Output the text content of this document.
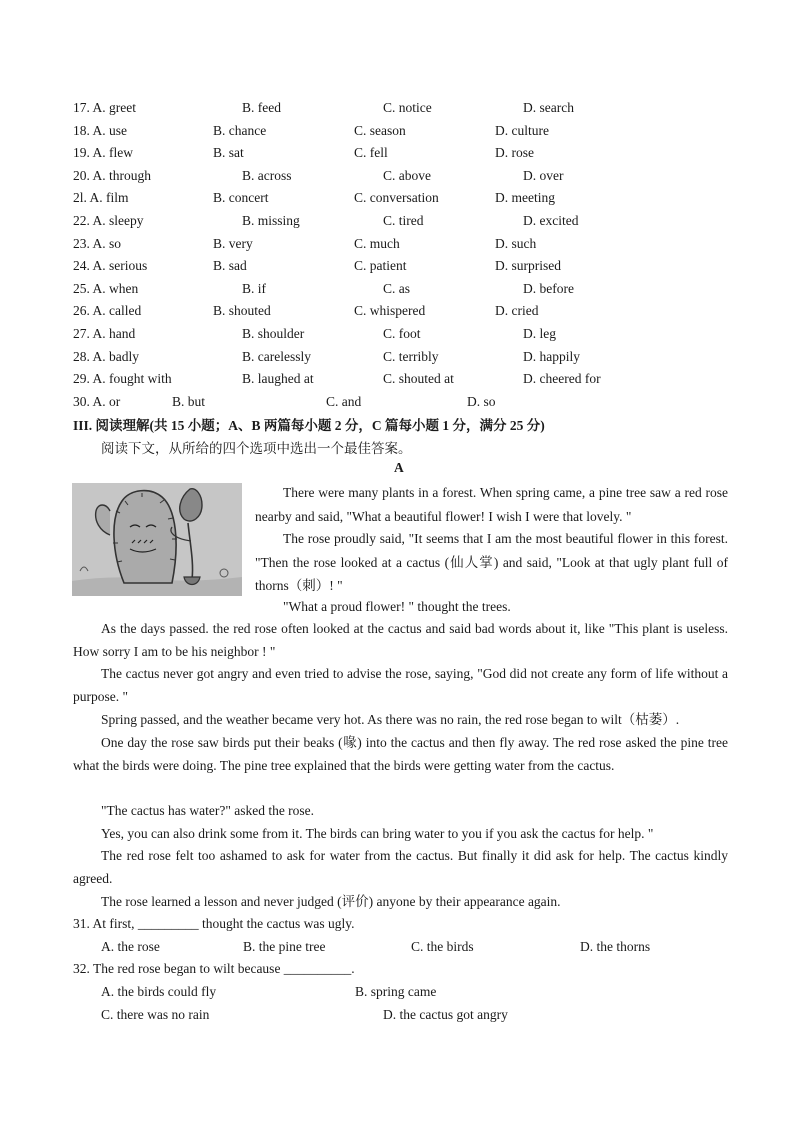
17. A. greet	B. feed	C. notice	D. search
18. A. use	B. chance	C. season	D. culture
19. A. flew	B. sat	C. fell	D. rose
20. A. through	B. across	C. above	D. over
2l. A. film	B. concert	C. conversation	D. meeting
22. A. sleepy	B. missing	C. tired	D. excited
23. A. so	B. very	C. much	D. such
24. A. serious	B. sad	C. patient	D. surprised
25. A. when	B. if	C. as	D. before
26. A. called	B. shouted	C. whispered	D. cried
27. A. hand	B. shoulder	C. foot	D. leg
28. A. badly	B. carelessly	C. terribly	D. happily
29. A. fought with	B. laughed at	C. shouted at	D. cheered for
30. A. or	B. but	C. and	D. so
III. 阅读理解(共 15 小题；A、B 两篇每小题 2 分，C 篇每小题 1 分，满分 25 分)
阅读下文，从所给的四个选项中选出一个最佳答案。
A
There were many plants in a forest. When spring came, a pine tree saw a red rose nearby and said, "What a beautiful flower! I wish I were that lovely. "
The rose proudly said, "It seems that I am the most beautiful flower in this forest. "Then the rose looked at a cactus (仙人掌) and said, "Look at that ugly plant full of thorns（刺）! "
"What a proud flower! " thought the trees.
As the days passed. the red rose often looked at the cactus and said bad words about it, like "This plant is useless. How sorry I am to be his neighbor ! "
The cactus never got angry and even tried to advise the rose, saying, "God did not create any form of life without a purpose. "
Spring passed, and the weather became very hot. As there was no rain, the red rose began to wilt（枯萎）.
One day the rose saw birds put their beaks (喙) into the cactus and then fly away. The red rose asked the pine tree what the birds were doing. The pine tree explained that the birds were getting water from the cactus.
"The cactus has water?" asked the rose.
Yes, you can also drink some from it. The birds can bring water to you if you ask the cactus for help. "
The red rose felt too ashamed to ask for water from the cactus. But finally it did ask for help. The cactus kindly agreed.
The rose learned a lesson and never judged (评价) anyone by their appearance again.
31. At first, _________ thought the cactus was ugly.
A. the rose	B. the pine tree	C. the birds	D. the thorns
32. The red rose began to wilt because __________.
A. the birds could fly	B. spring came
C. there was no rain	D. the cactus got angry
